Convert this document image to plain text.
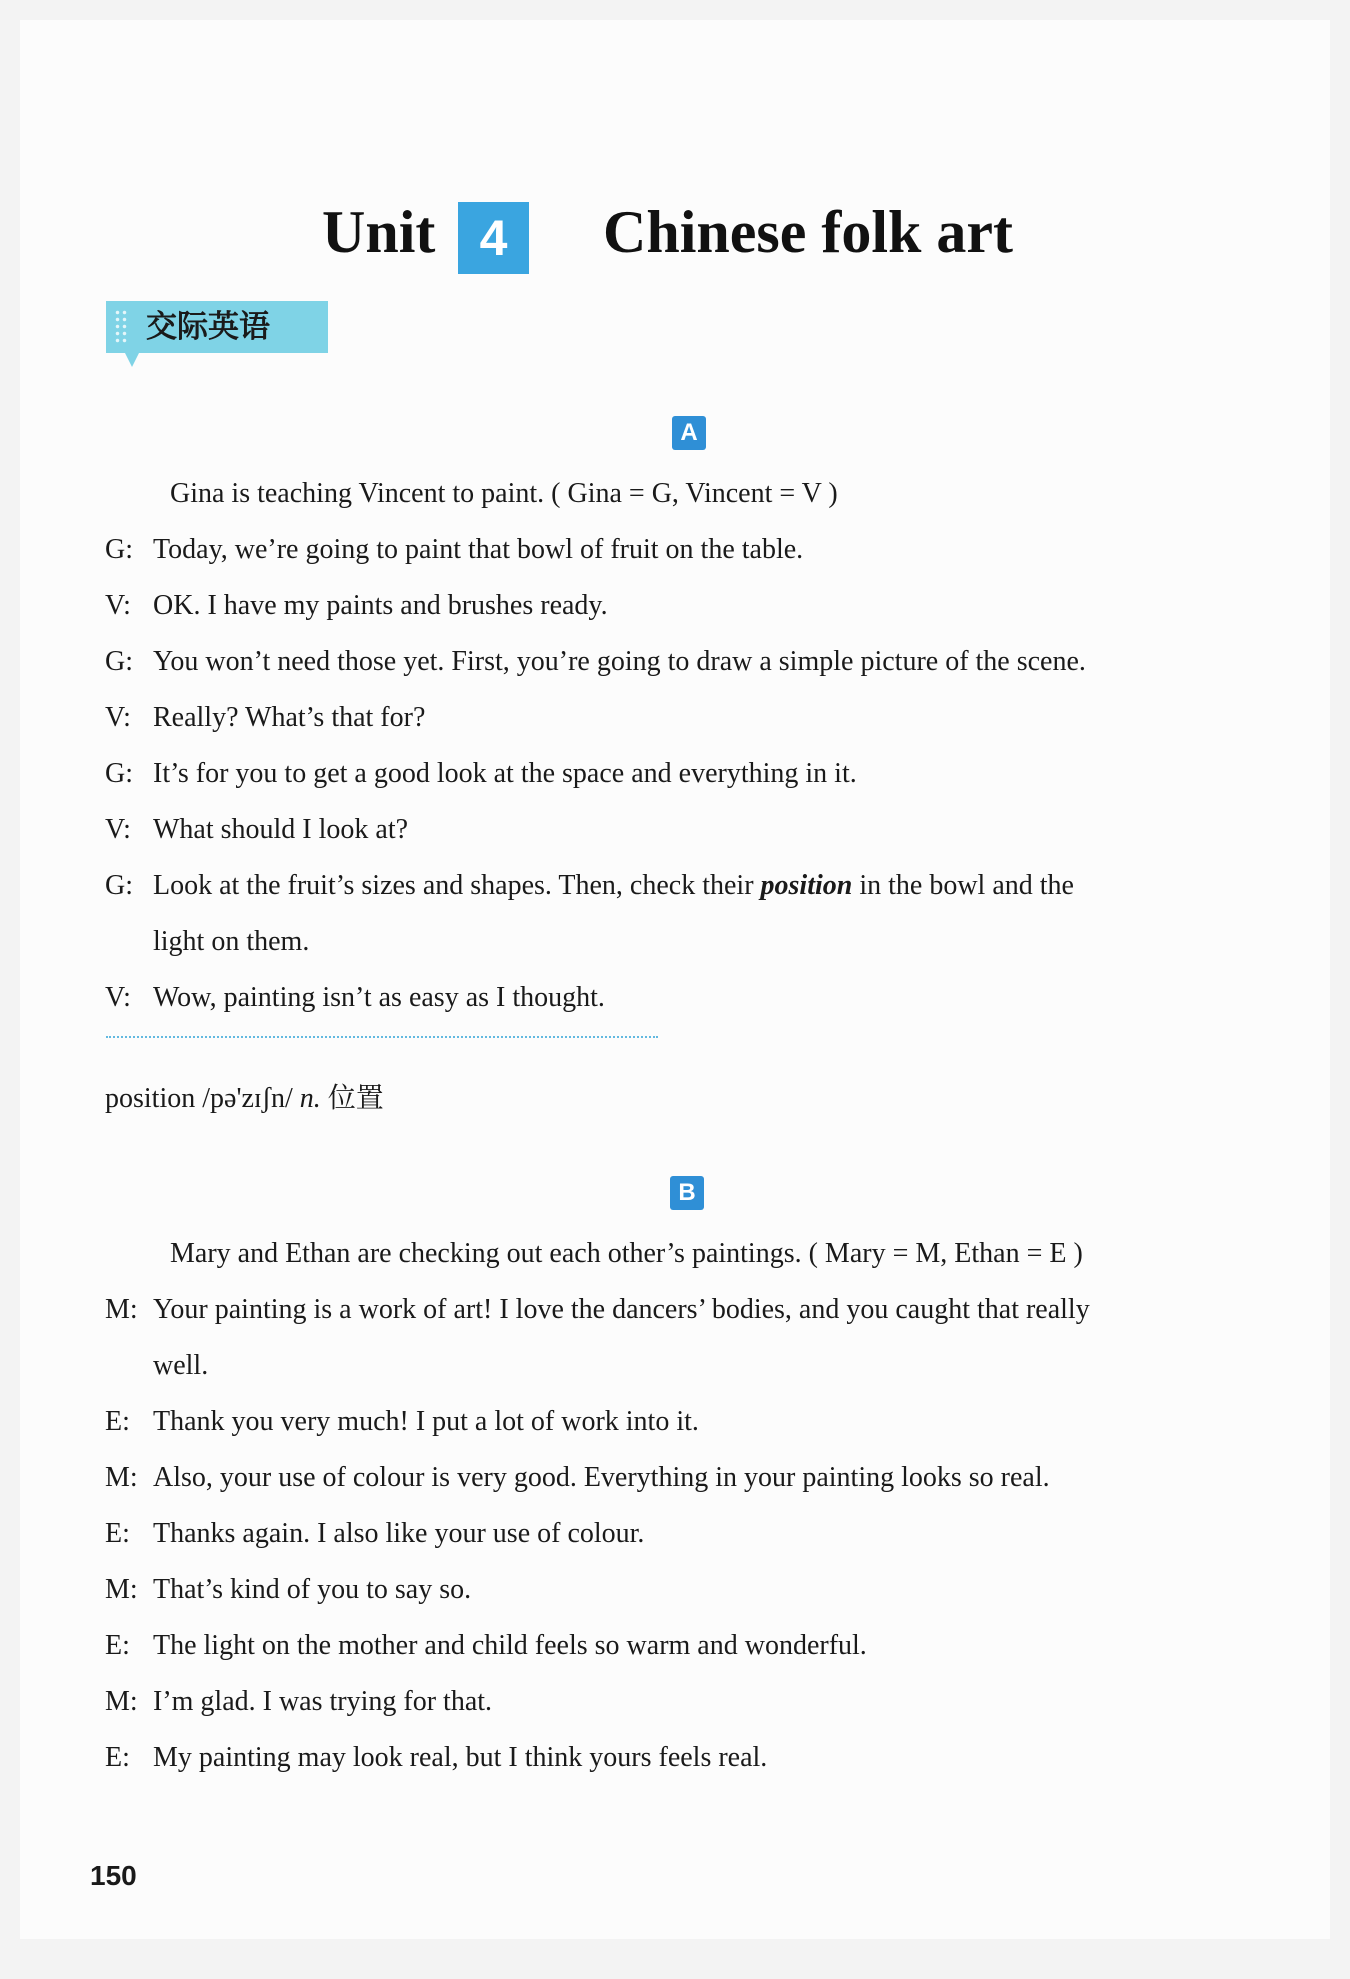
Unit 4	Chinese folk art
交际英语
A
Gina is teaching Vincent to paint. ( Gina = G, Vincent = V )
G: Today, we’re going to paint that bowl of fruit on the table.
V: OK. I have my paints and brushes ready.
G: You won’t need those yet. First, you’re going to draw a simple picture of the scene.
V: Really? What’s that for?
G: It’s for you to get a good look at the space and everything in it.
V: What should I look at?
G: Look at the fruit’s sizes and shapes. Then, check their position in the bowl and the
light on them.
V: Wow, painting isn’t as easy as I thought.
position /pə'zɪʃn/ n. 位置
B
Mary and Ethan are checking out each other’s paintings. ( Mary = M, Ethan = E )
M: Your painting is a work of art! I love the dancers’ bodies, and you caught that really
well.
E: Thank you very much! I put a lot of work into it.
M: Also, your use of colour is very good. Everything in your painting looks so real.
E: Thanks again. I also like your use of colour.
M: That’s kind of you to say so.
E: The light on the mother and child feels so warm and wonderful.
M: I’m glad. I was trying for that.
E: My painting may look real, but I think yours feels real.
150
